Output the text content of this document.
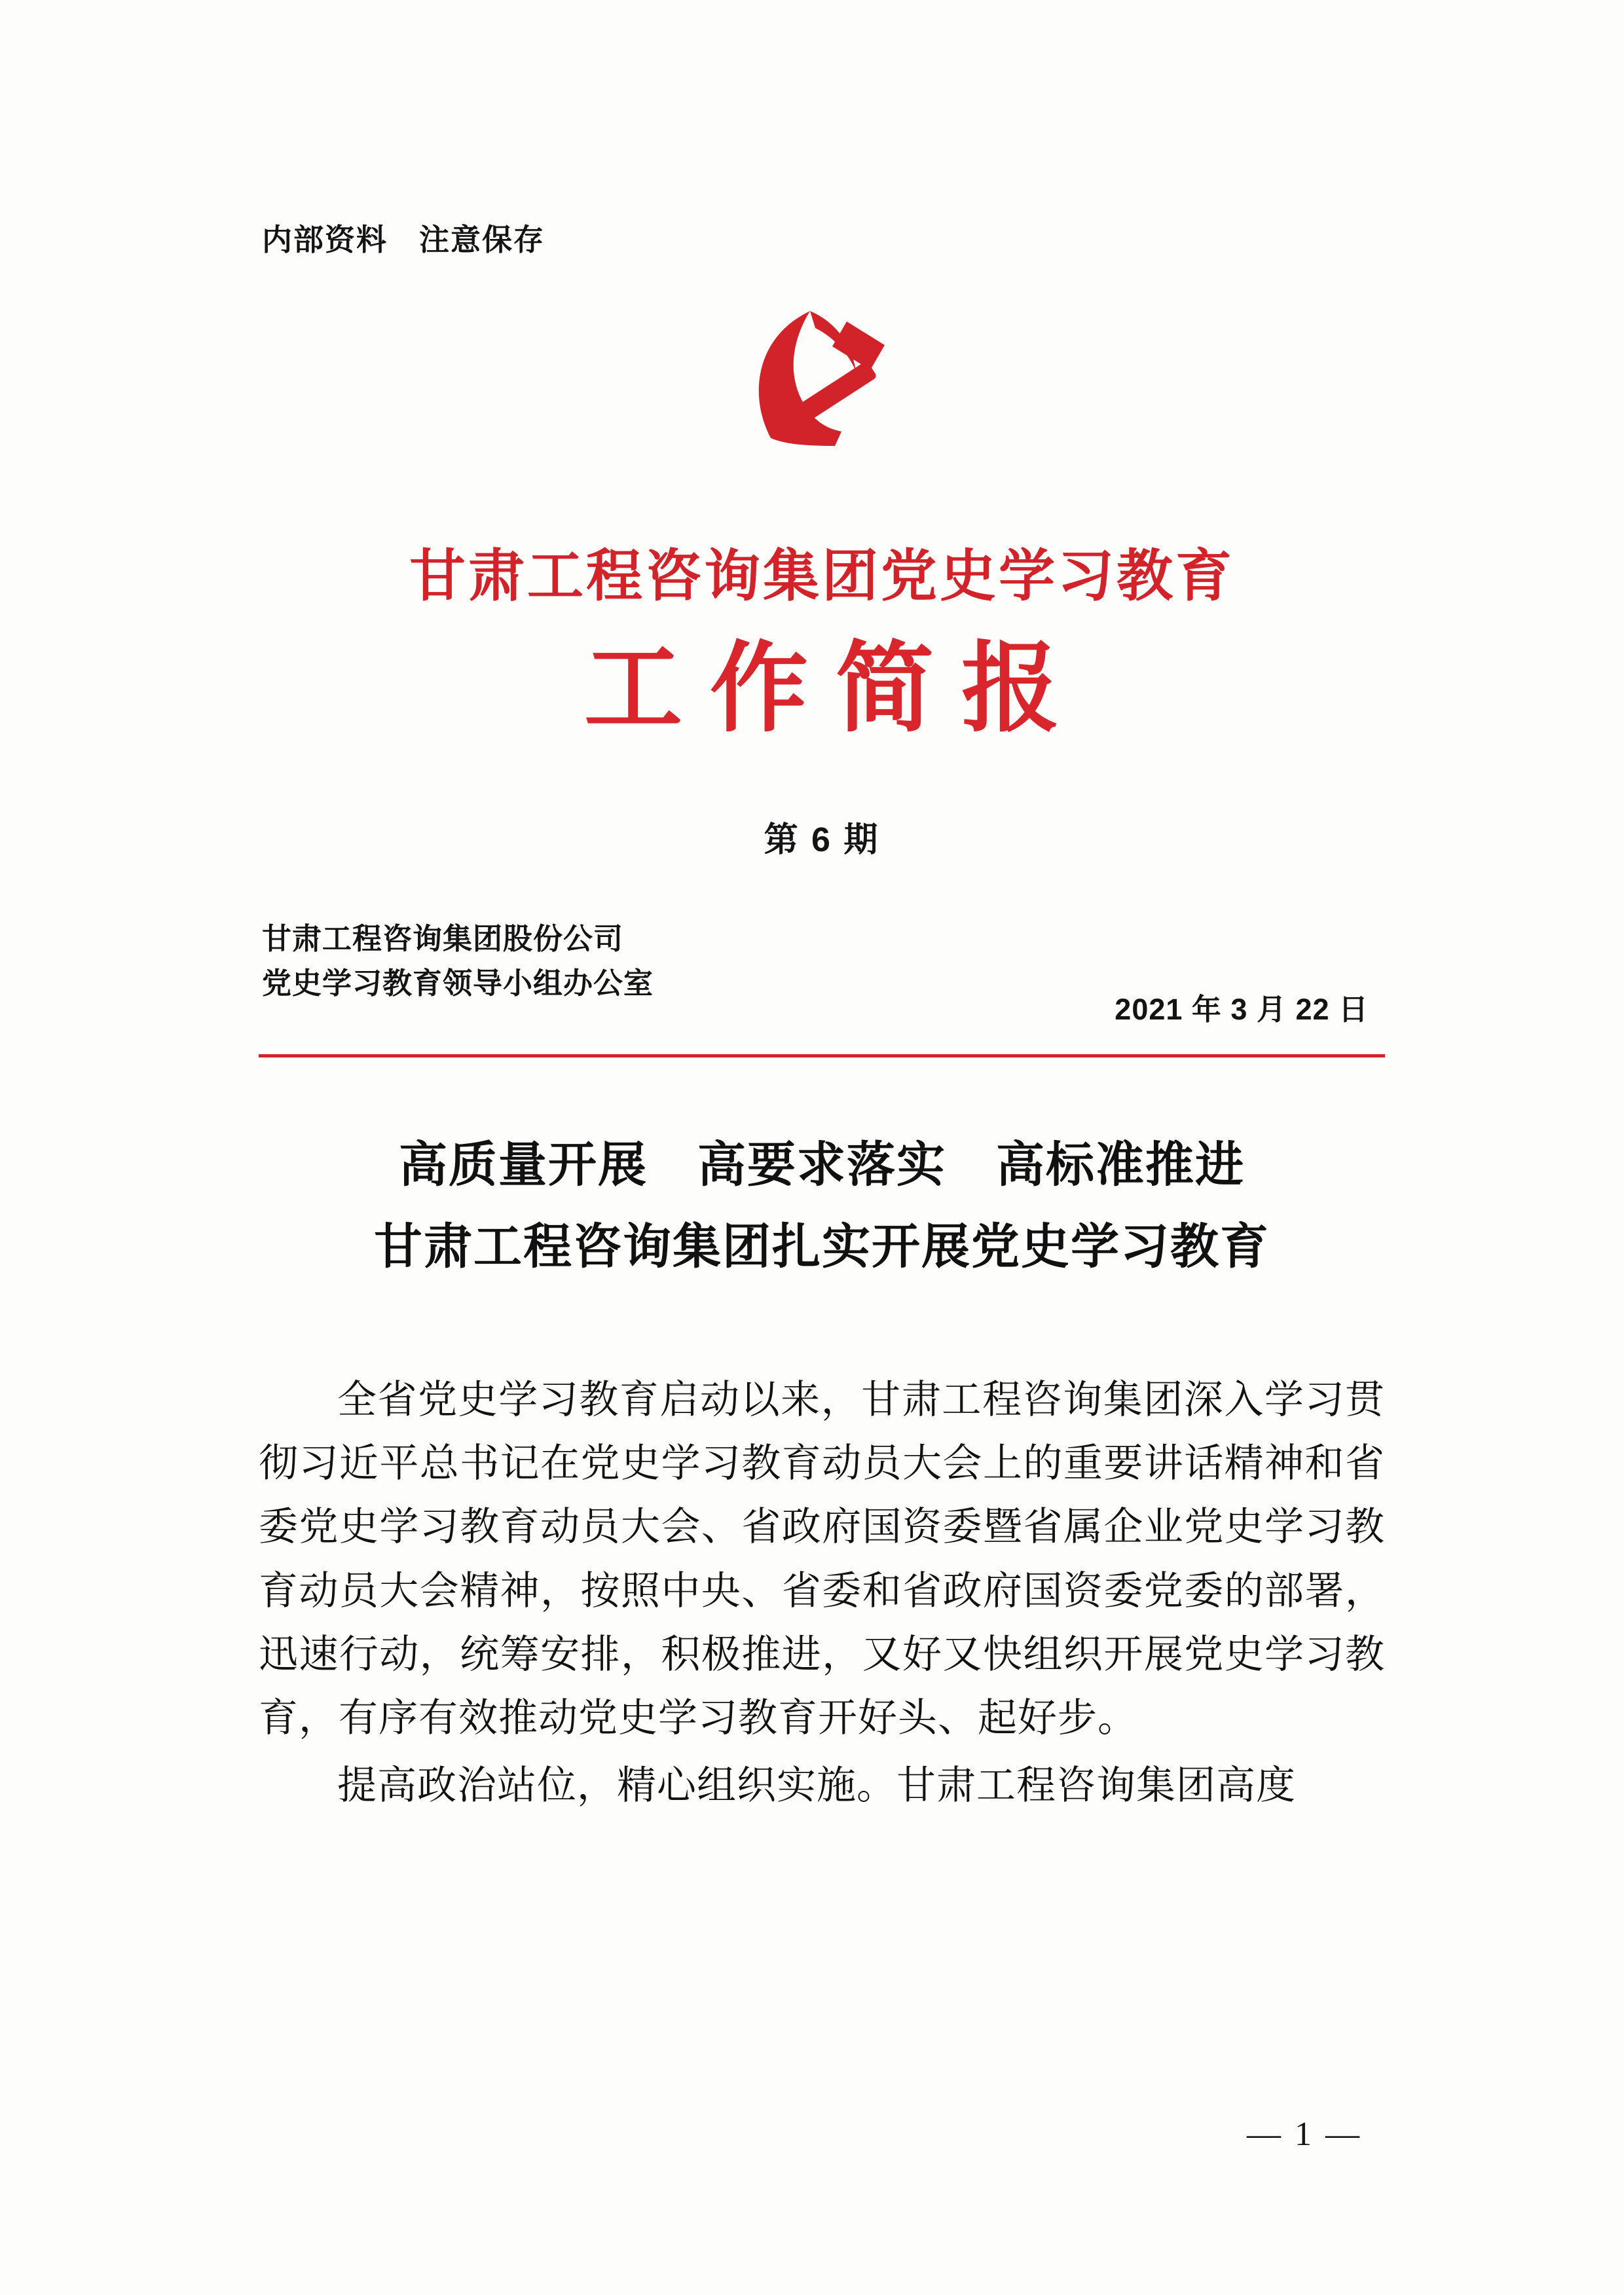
内部资料　注意保存
甘肃工程咨询集团党史学习教育
工作简报
第 6 期
甘肃工程咨询集团股份公司
党史学习教育领导小组办公室
2021 年 3 月 22 日
高质量开展　高要求落实　高标准推进
甘肃工程咨询集团扎实开展党史学习教育

全省党史学习教育启动以来，甘肃工程咨询集团深入学习贯彻习近平总书记在党史学习教育动员大会上的重要讲话精神和省委党史学习教育动员大会、省政府国资委暨省属企业党史学习教育动员大会精神，按照中央、省委和省政府国资委党委的部署，迅速行动，统筹安排，积极推进，又好又快组织开展党史学习教育，有序有效推动党史学习教育开好头、起好步。

提高政治站位，精心组织实施。甘肃工程咨询集团高度

— 1 —
